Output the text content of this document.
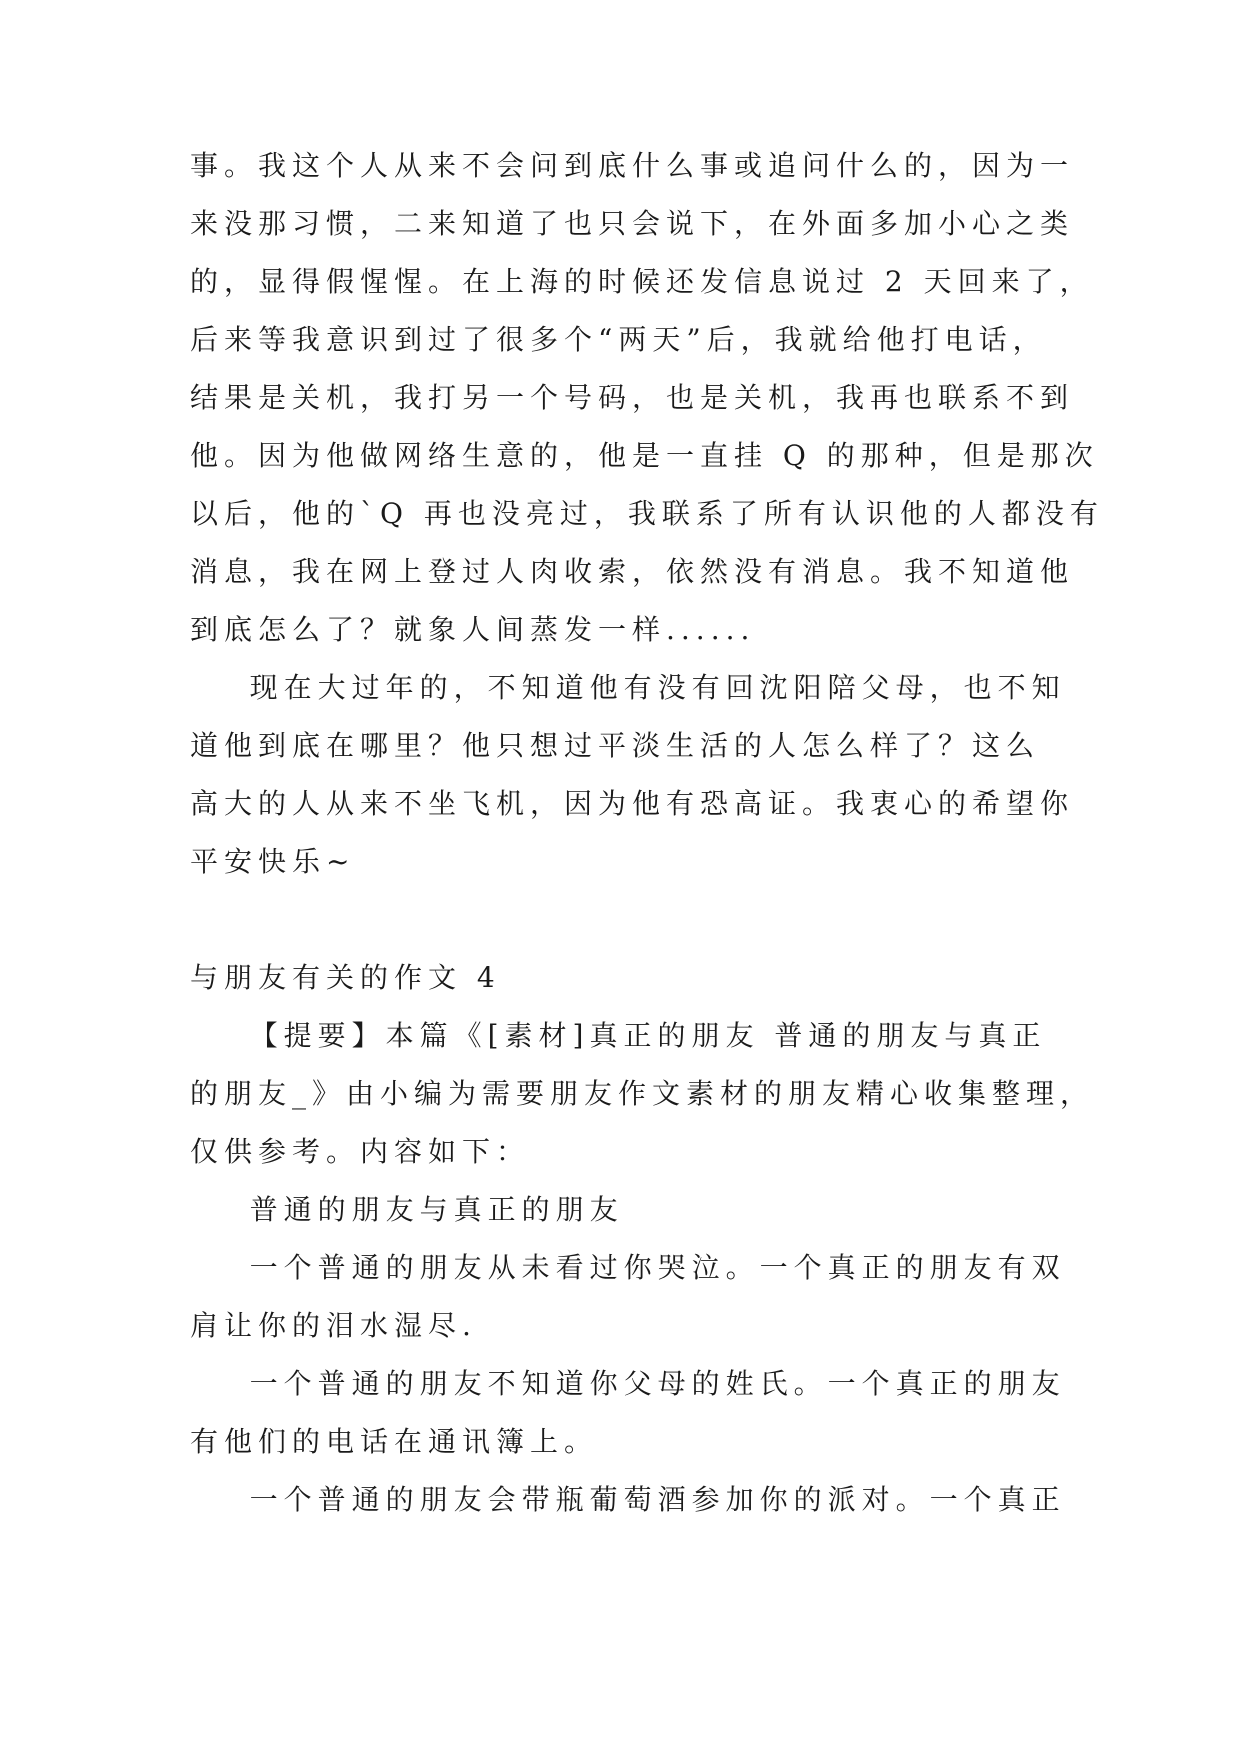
事。我这个人从来不会问到底什么事或追问什么的，因为一
来没那习惯，二来知道了也只会说下，在外面多加小心之类
的，显得假惺惺。在上海的时候还发信息说过 2 天回来了，
后来等我意识到过了很多个“两天”后，我就给他打电话，
结果是关机，我打另一个号码，也是关机，我再也联系不到
他。因为他做网络生意的，他是一直挂 Q 的那种，但是那次
以后，他的`Q 再也没亮过，我联系了所有认识他的人都没有
消息，我在网上登过人肉收索，依然没有消息。我不知道他
到底怎么了？就象人间蒸发一样......
现在大过年的，不知道他有没有回沈阳陪父母，也不知
道他到底在哪里？他只想过平淡生活的人怎么样了？这么
高大的人从来不坐飞机，因为他有恐高证。我衷心的希望你
平安快乐~
与朋友有关的作文 4
【提要】本篇《[素材]真正的朋友 普通的朋友与真正
的朋友_》由小编为需要朋友作文素材的朋友精心收集整理，
仅供参考。内容如下：
普通的朋友与真正的朋友
一个普通的朋友从未看过你哭泣。一个真正的朋友有双
肩让你的泪水湿尽.
一个普通的朋友不知道你父母的姓氏。一个真正的朋友
有他们的电话在通讯簿上。
一个普通的朋友会带瓶葡萄酒参加你的派对。一个真正
